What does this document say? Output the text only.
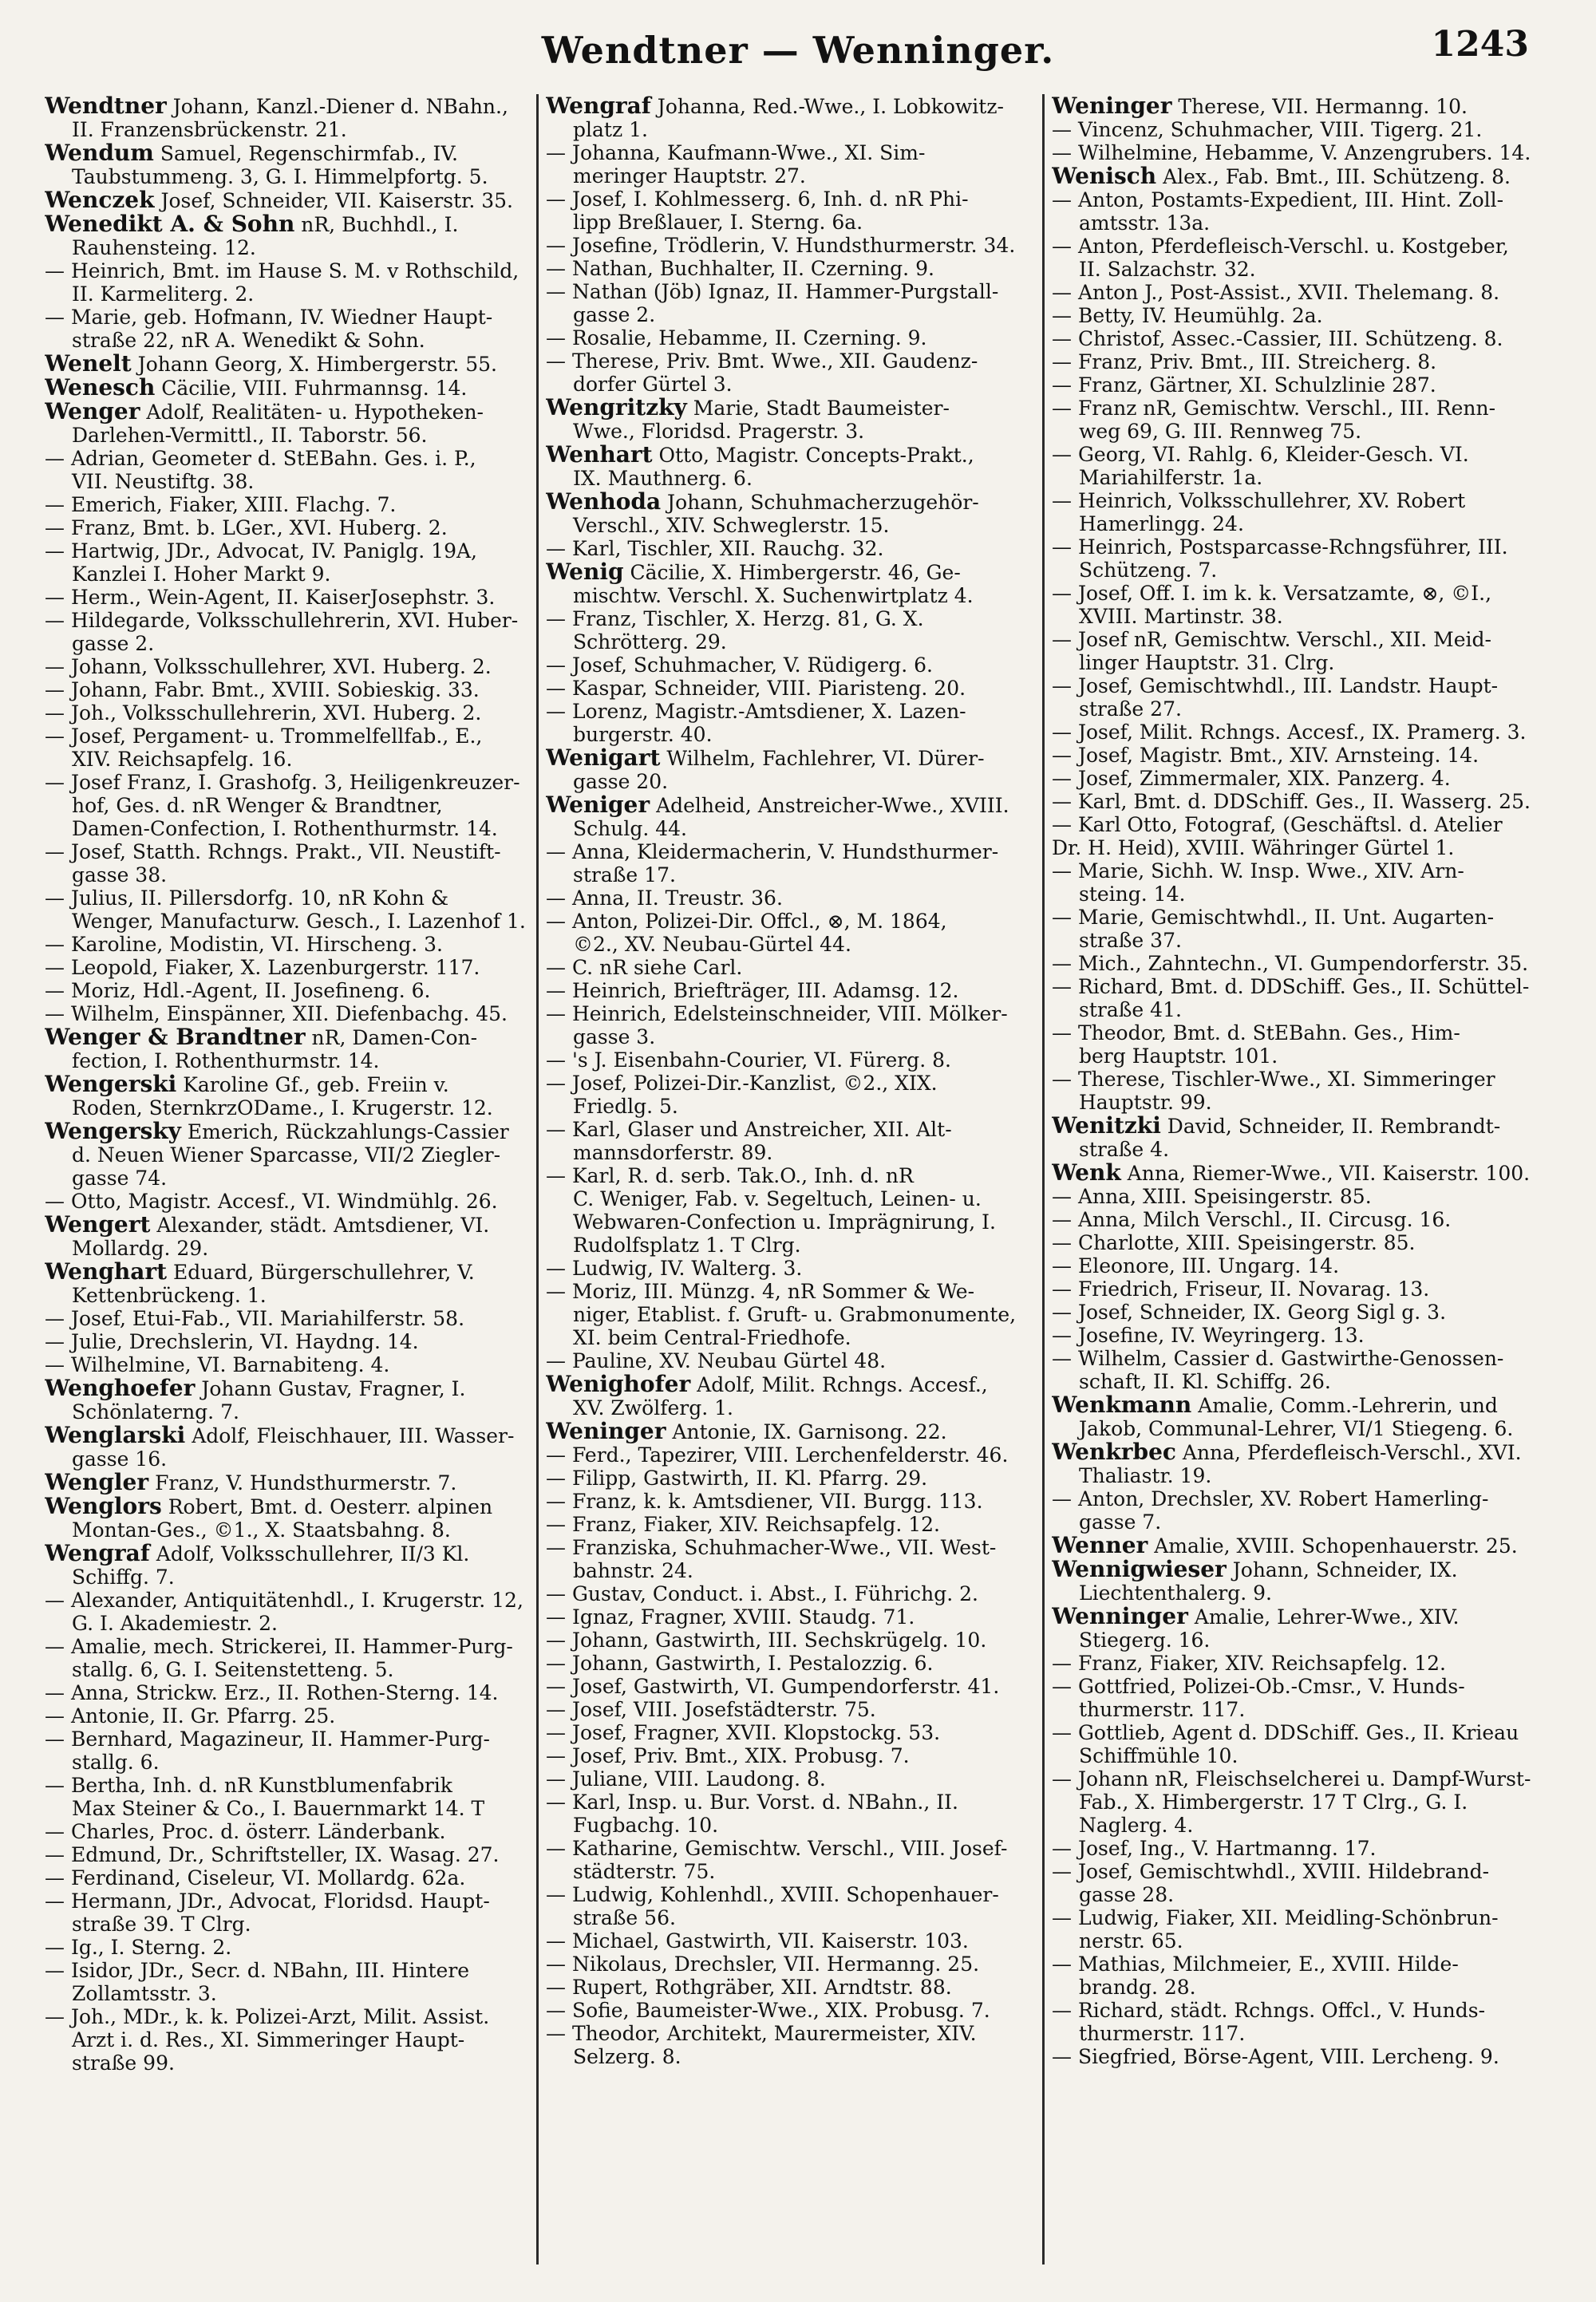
Wendtner — Wenninger.	1243
Wendtner Johann, Kanzl.-Diener d. NBahn.,
II. Franzensbrückenstr. 21.
Wendum Samuel, Regenschirmfab., IV.
Taubstummeng. 3, G. I. Himmelpfortg. 5.
Wenczek Josef, Schneider, VII. Kaiserstr. 35.
Wenedikt A. & Sohn nR, Buchhdl., I.
Rauhensteing. 12.
— Heinrich, Bmt. im Hause S. M. v Rothschild,
II. Karmeliterg. 2.
— Marie, geb. Hofmann, IV. Wiedner Haupt-
straße 22, nR A. Wenedikt & Sohn.
Wenelt Johann Georg, X. Himbergerstr. 55.
Wenesch Cäcilie, VIII. Fuhrmannsg. 14.
Wenger Adolf, Realitäten- u. Hypotheken-
Darlehen-Vermittl., II. Taborstr. 56.
— Adrian, Geometer d. StEBahn. Ges. i. P.,
VII. Neustiftg. 38.
— Emerich, Fiaker, XIII. Flachg. 7.
— Franz, Bmt. b. LGer., XVI. Huberg. 2.
— Hartwig, JDr., Advocat, IV. Paniglg. 19A,
Kanzlei I. Hoher Markt 9.
— Herm., Wein-Agent, II. KaiserJosephstr. 3.
— Hildegarde, Volksschullehrerin, XVI. Huber-
gasse 2.
— Johann, Volksschullehrer, XVI. Huberg. 2.
— Johann, Fabr. Bmt., XVIII. Sobieskig. 33.
— Joh., Volksschullehrerin, XVI. Huberg. 2.
— Josef, Pergament- u. Trommelfellfab., E.,
XIV. Reichsapfelg. 16.
— Josef Franz, I. Grashofg. 3, Heiligenkreuzer-
hof, Ges. d. nR Wenger & Brandtner,
Damen-Confection, I. Rothenthurmstr. 14.
— Josef, Statth. Rchngs. Prakt., VII. Neustift-
gasse 38.
— Julius, II. Pillersdorfg. 10, nR Kohn &
Wenger, Manufacturw. Gesch., I. Lazenhof 1.
— Karoline, Modistin, VI. Hirscheng. 3.
— Leopold, Fiaker, X. Lazenburgerstr. 117.
— Moriz, Hdl.-Agent, II. Josefineng. 6.
— Wilhelm, Einspänner, XII. Diefenbachg. 45.
Wenger & Brandtner nR, Damen-Con-
fection, I. Rothenthurmstr. 14.
Wengerski Karoline Gf., geb. Freiin v.
Roden, SternkrzODame., I. Krugerstr. 12.
Wengersky Emerich, Rückzahlungs-Cassier
d. Neuen Wiener Sparcasse, VII/2 Ziegler-
gasse 74.
— Otto, Magistr. Accesf., VI. Windmühlg. 26.
Wengert Alexander, städt. Amtsdiener, VI.
Mollardg. 29.
Wenghart Eduard, Bürgerschullehrer, V.
Kettenbrückeng. 1.
— Josef, Etui-Fab., VII. Mariahilferstr. 58.
— Julie, Drechslerin, VI. Haydng. 14.
— Wilhelmine, VI. Barnabiteng. 4.
Wenghoefer Johann Gustav, Fragner, I.
Schönlaterng. 7.
Wenglarski Adolf, Fleischhauer, III. Wasser-
gasse 16.
Wengler Franz, V. Hundsthurmerstr. 7.
Wenglors Robert, Bmt. d. Oesterr. alpinen
Montan-Ges., ©1., X. Staatsbahng. 8.
Wengraf Adolf, Volksschullehrer, II/3 Kl.
Schiffg. 7.
— Alexander, Antiquitätenhdl., I. Krugerstr. 12,
G. I. Akademiestr. 2.
— Amalie, mech. Strickerei, II. Hammer-Purg-
stallg. 6, G. I. Seitenstetteng. 5.
— Anna, Strickw. Erz., II. Rothen-Sterng. 14.
— Antonie, II. Gr. Pfarrg. 25.
— Bernhard, Magazineur, II. Hammer-Purg-
stallg. 6.
— Bertha, Inh. d. nR Kunstblumenfabrik
Max Steiner & Co., I. Bauernmarkt 14. T
— Charles, Proc. d. österr. Länderbank.
— Edmund, Dr., Schriftsteller, IX. Wasag. 27.
— Ferdinand, Ciseleur, VI. Mollardg. 62a.
— Hermann, JDr., Advocat, Floridsd. Haupt-
straße 39. T Clrg.
— Ig., I. Sterng. 2.
— Isidor, JDr., Secr. d. NBahn, III. Hintere
Zollamtsstr. 3.
— Joh., MDr., k. k. Polizei-Arzt, Milit. Assist.
Arzt i. d. Res., XI. Simmeringer Haupt-
straße 99.
Wengraf Johanna, Red.-Wwe., I. Lobkowitz-
platz 1.
— Johanna, Kaufmann-Wwe., XI. Sim-
meringer Hauptstr. 27.
— Josef, I. Kohlmesserg. 6, Inh. d. nR Phi-
lipp Breßlauer, I. Sterng. 6a.
— Josefine, Trödlerin, V. Hundsthurmerstr. 34.
— Nathan, Buchhalter, II. Czerning. 9.
— Nathan (Jöb) Ignaz, II. Hammer-Purgstall-
gasse 2.
— Rosalie, Hebamme, II. Czerning. 9.
— Therese, Priv. Bmt. Wwe., XII. Gaudenz-
dorfer Gürtel 3.
Wengritzky Marie, Stadt Baumeister-
Wwe., Floridsd. Pragerstr. 3.
Wenhart Otto, Magistr. Concepts-Prakt.,
IX. Mauthnerg. 6.
Wenhoda Johann, Schuhmacherzugehör-
Verschl., XIV. Schweglerstr. 15.
— Karl, Tischler, XII. Rauchg. 32.
Wenig Cäcilie, X. Himbergerstr. 46, Ge-
mischtw. Verschl. X. Suchenwirtplatz 4.
— Franz, Tischler, X. Herzg. 81, G. X.
Schrötterg. 29.
— Josef, Schuhmacher, V. Rüdigerg. 6.
— Kaspar, Schneider, VIII. Piaristeng. 20.
— Lorenz, Magistr.-Amtsdiener, X. Lazen-
burgerstr. 40.
Wenigart Wilhelm, Fachlehrer, VI. Dürer-
gasse 20.
Weniger Adelheid, Anstreicher-Wwe., XVIII.
Schulg. 44.
— Anna, Kleidermacherin, V. Hundsthurmer-
straße 17.
— Anna, II. Treustr. 36.
— Anton, Polizei-Dir. Offcl., ⊗, M. 1864,
©2., XV. Neubau-Gürtel 44.
— C. nR siehe Carl.
— Heinrich, Briefträger, III. Adamsg. 12.
— Heinrich, Edelsteinschneider, VIII. Mölker-
gasse 3.
— 's J. Eisenbahn-Courier, VI. Fürerg. 8.
— Josef, Polizei-Dir.-Kanzlist, ©2., XIX.
Friedlg. 5.
— Karl, Glaser und Anstreicher, XII. Alt-
mannsdorferstr. 89.
— Karl, R. d. serb. Tak.O., Inh. d. nR
C. Weniger, Fab. v. Segeltuch, Leinen- u.
Webwaren-Confection u. Imprägnirung, I.
Rudolfsplatz 1. T Clrg.
— Ludwig, IV. Walterg. 3.
— Moriz, III. Münzg. 4, nR Sommer & We-
niger, Etablist. f. Gruft- u. Grabmonumente,
XI. beim Central-Friedhofe.
— Pauline, XV. Neubau Gürtel 48.
Wenighofer Adolf, Milit. Rchngs. Accesf.,
XV. Zwölferg. 1.
Weninger Antonie, IX. Garnisong. 22.
— Ferd., Tapezirer, VIII. Lerchenfelderstr. 46.
— Filipp, Gastwirth, II. Kl. Pfarrg. 29.
— Franz, k. k. Amtsdiener, VII. Burgg. 113.
— Franz, Fiaker, XIV. Reichsapfelg. 12.
— Franziska, Schuhmacher-Wwe., VII. West-
bahnstr. 24.
— Gustav, Conduct. i. Abst., I. Führichg. 2.
— Ignaz, Fragner, XVIII. Staudg. 71.
— Johann, Gastwirth, III. Sechskrügelg. 10.
— Johann, Gastwirth, I. Pestalozzig. 6.
— Josef, Gastwirth, VI. Gumpendorferstr. 41.
— Josef, VIII. Josefstädterstr. 75.
— Josef, Fragner, XVII. Klopstockg. 53.
— Josef, Priv. Bmt., XIX. Probusg. 7.
— Juliane, VIII. Laudong. 8.
— Karl, Insp. u. Bur. Vorst. d. NBahn., II.
Fugbachg. 10.
— Katharine, Gemischtw. Verschl., VIII. Josef-
städterstr. 75.
— Ludwig, Kohlenhdl., XVIII. Schopenhauer-
straße 56.
— Michael, Gastwirth, VII. Kaiserstr. 103.
— Nikolaus, Drechsler, VII. Hermanng. 25.
— Rupert, Rothgräber, XII. Arndtstr. 88.
— Sofie, Baumeister-Wwe., XIX. Probusg. 7.
— Theodor, Architekt, Maurermeister, XIV.
Selzerg. 8.
Weninger Therese, VII. Hermanng. 10.
— Vincenz, Schuhmacher, VIII. Tigerg. 21.
— Wilhelmine, Hebamme, V. Anzengrubers. 14.
Wenisch Alex., Fab. Bmt., III. Schützeng. 8.
— Anton, Postamts-Expedient, III. Hint. Zoll-
amtsstr. 13a.
— Anton, Pferdefleisch-Verschl. u. Kostgeber,
II. Salzachstr. 32.
— Anton J., Post-Assist., XVII. Thelemang. 8.
— Betty, IV. Heumühlg. 2a.
— Christof, Assec.-Cassier, III. Schützeng. 8.
— Franz, Priv. Bmt., III. Streicherg. 8.
— Franz, Gärtner, XI. Schulzlinie 287.
— Franz nR, Gemischtw. Verschl., III. Renn-
weg 69, G. III. Rennweg 75.
— Georg, VI. Rahlg. 6, Kleider-Gesch. VI.
Mariahilferstr. 1a.
— Heinrich, Volksschullehrer, XV. Robert
Hamerlingg. 24.
— Heinrich, Postsparcasse-Rchngsführer, III.
Schützeng. 7.
— Josef, Off. I. im k. k. Versatzamte, ⊗, ©I.,
XVIII. Martinstr. 38.
— Josef nR, Gemischtw. Verschl., XII. Meid-
linger Hauptstr. 31. Clrg.
— Josef, Gemischtwhdl., III. Landstr. Haupt-
straße 27.
— Josef, Milit. Rchngs. Accesf., IX. Pramerg. 3.
— Josef, Magistr. Bmt., XIV. Arnsteing. 14.
— Josef, Zimmermaler, XIX. Panzerg. 4.
— Karl, Bmt. d. DDSchiff. Ges., II. Wasserg. 25.
— Karl Otto, Fotograf, (Geschäftsl. d. Atelier
Dr. H. Heid), XVIII. Währinger Gürtel 1.
— Marie, Sichh. W. Insp. Wwe., XIV. Arn-
steing. 14.
— Marie, Gemischtwhdl., II. Unt. Augarten-
straße 37.
— Mich., Zahntechn., VI. Gumpendorferstr. 35.
— Richard, Bmt. d. DDSchiff. Ges., II. Schüttel-
straße 41.
— Theodor, Bmt. d. StEBahn. Ges., Him-
berg Hauptstr. 101.
— Therese, Tischler-Wwe., XI. Simmeringer
Hauptstr. 99.
Wenitzki David, Schneider, II. Rembrandt-
straße 4.
Wenk Anna, Riemer-Wwe., VII. Kaiserstr. 100.
— Anna, XIII. Speisingerstr. 85.
— Anna, Milch Verschl., II. Circusg. 16.
— Charlotte, XIII. Speisingerstr. 85.
— Eleonore, III. Ungarg. 14.
— Friedrich, Friseur, II. Novarag. 13.
— Josef, Schneider, IX. Georg Sigl g. 3.
— Josefine, IV. Weyringerg. 13.
— Wilhelm, Cassier d. Gastwirthe-Genossen-
schaft, II. Kl. Schiffg. 26.
Wenkmann Amalie, Comm.-Lehrerin, und
Jakob, Communal-Lehrer, VI/1 Stiegeng. 6.
Wenkrbec Anna, Pferdefleisch-Verschl., XVI.
Thaliastr. 19.
— Anton, Drechsler, XV. Robert Hamerling-
gasse 7.
Wenner Amalie, XVIII. Schopenhauerstr. 25.
Wennigwieser Johann, Schneider, IX.
Liechtenthalerg. 9.
Wenninger Amalie, Lehrer-Wwe., XIV.
Stiegerg. 16.
— Franz, Fiaker, XIV. Reichsapfelg. 12.
— Gottfried, Polizei-Ob.-Cmsr., V. Hunds-
thurmerstr. 117.
— Gottlieb, Agent d. DDSchiff. Ges., II. Krieau
Schiffmühle 10.
— Johann nR, Fleischselcherei u. Dampf-Wurst-
Fab., X. Himbergerstr. 17 T Clrg., G. I.
Naglerg. 4.
— Josef, Ing., V. Hartmanng. 17.
— Josef, Gemischtwhdl., XVIII. Hildebrand-
gasse 28.
— Ludwig, Fiaker, XII. Meidling-Schönbrun-
nerstr. 65.
— Mathias, Milchmeier, E., XVIII. Hilde-
brandg. 28.
— Richard, städt. Rchngs. Offcl., V. Hunds-
thurmerstr. 117.
— Siegfried, Börse-Agent, VIII. Lercheng. 9.
